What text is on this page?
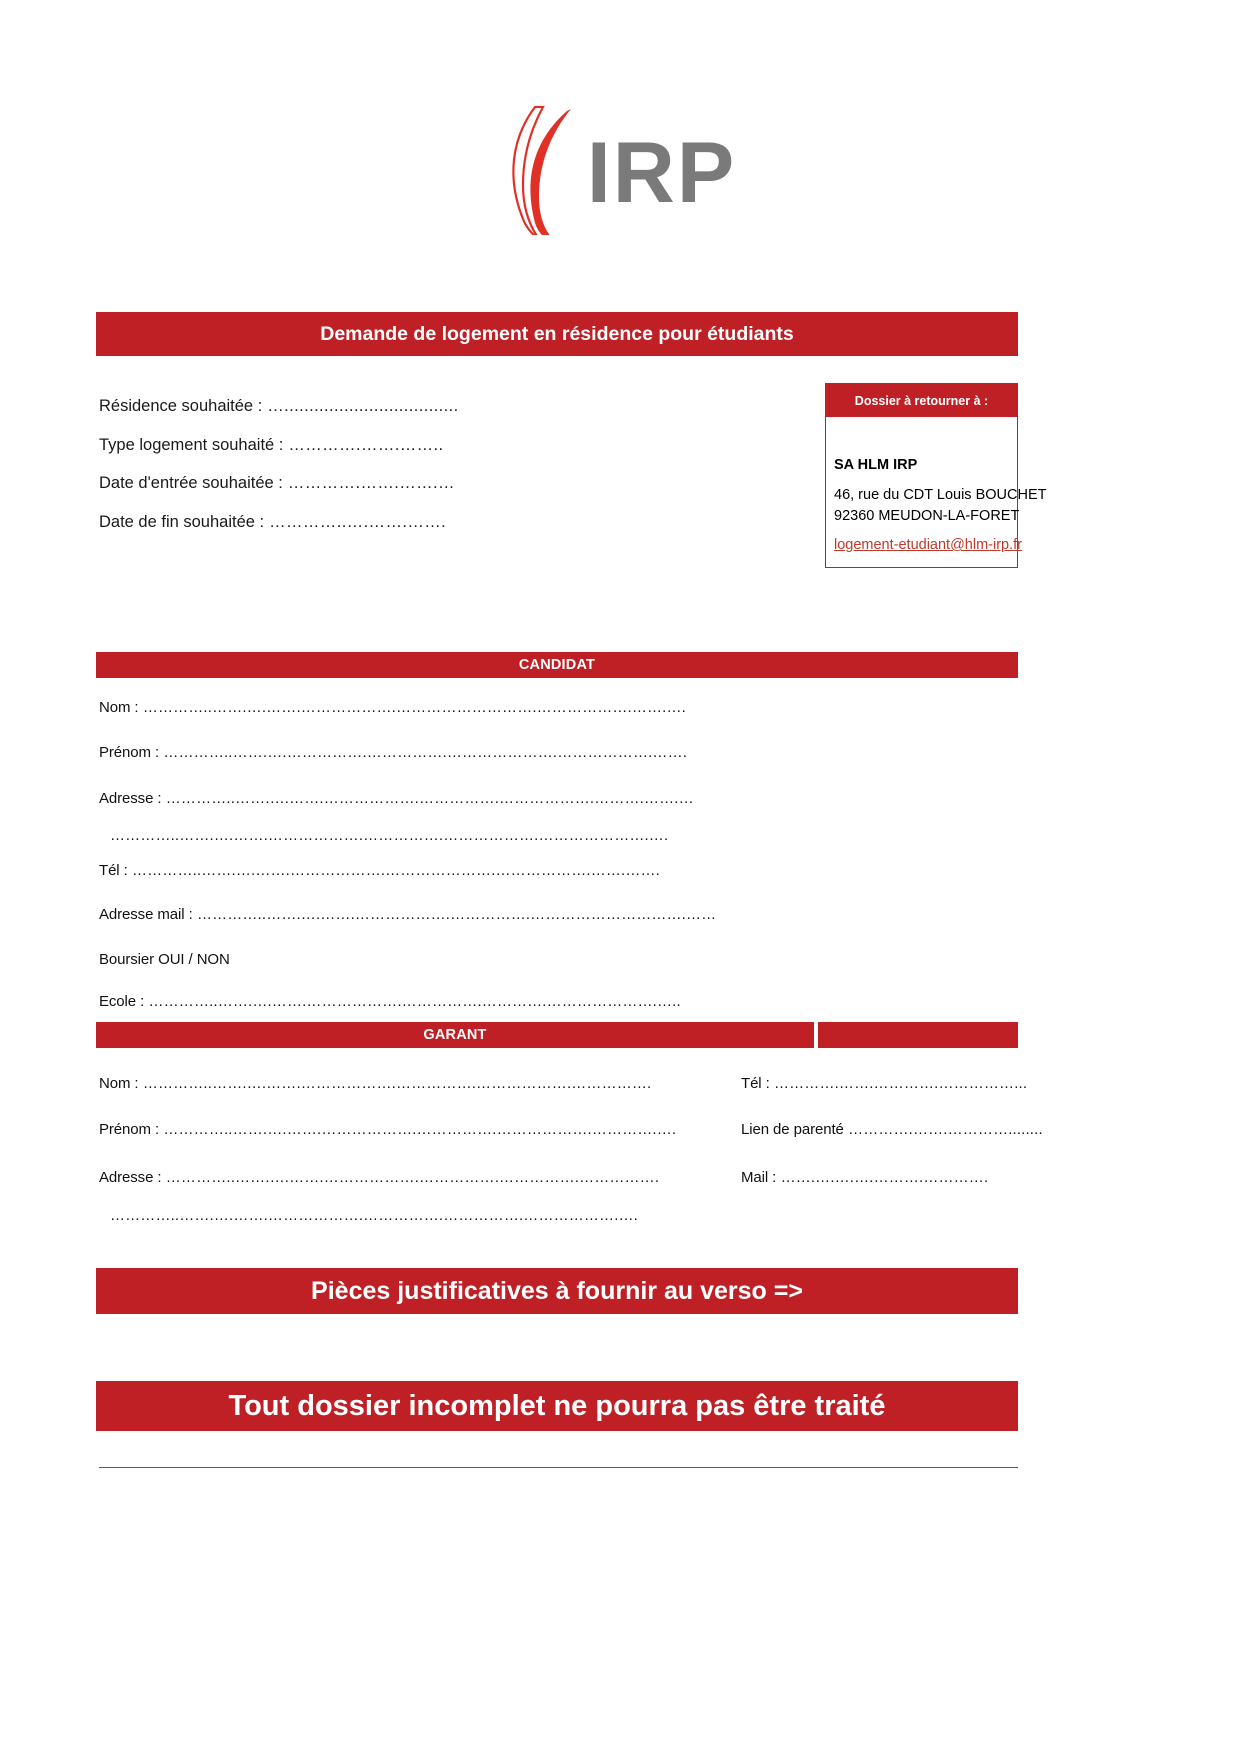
IRP
Demande de logement en résidence pour étudiants
Résidence souhaitée : …...................................
Type logement souhaité : ………….…….……..
Date d'entrée souhaitée : ………….…….…….…
Date de fin souhaitée : …………..….…….…….
Dossier à retourner à :
SA HLM IRP
46, rue du CDT Louis BOUCHET
92360 MEUDON-LA-FORET
logement-etudiant@hlm-irp.fr
CANDIDAT
Nom : …………..…….….…….……………….……………………….……………….…….….
Prénom : …………..…….….…………….…………….………………….……………….…….
Adresse : …………..…….….…….……………….…………….……………….……….…….…
…………..…….….…….……………….…………….……………….………………….….
Tél : …………..…….….…….……………….………………….……………….…….…….
Adresse mail : …………..…….….…….……………….…………….………………………….……
Boursier OUI / NON
Ecole : …………..…….….…….……………….…………….………….………………….…..
GARANT
Nom : …………..…….….…….……………….…………….……………….…………….
Prénom : …………..…….….…….……………….…………….……………….………….….
Adresse : …………..…….….…….……………….…………….…………….…………….
…………..…….….…….……………….…………….…………….……………….….
Tél : ………….…….………….……………...
Lien de parenté ………….…….…………........
Mail : …….….….….……….………….
Pièces justificatives à fournir au verso =>
Tout dossier incomplet ne pourra pas être traité
